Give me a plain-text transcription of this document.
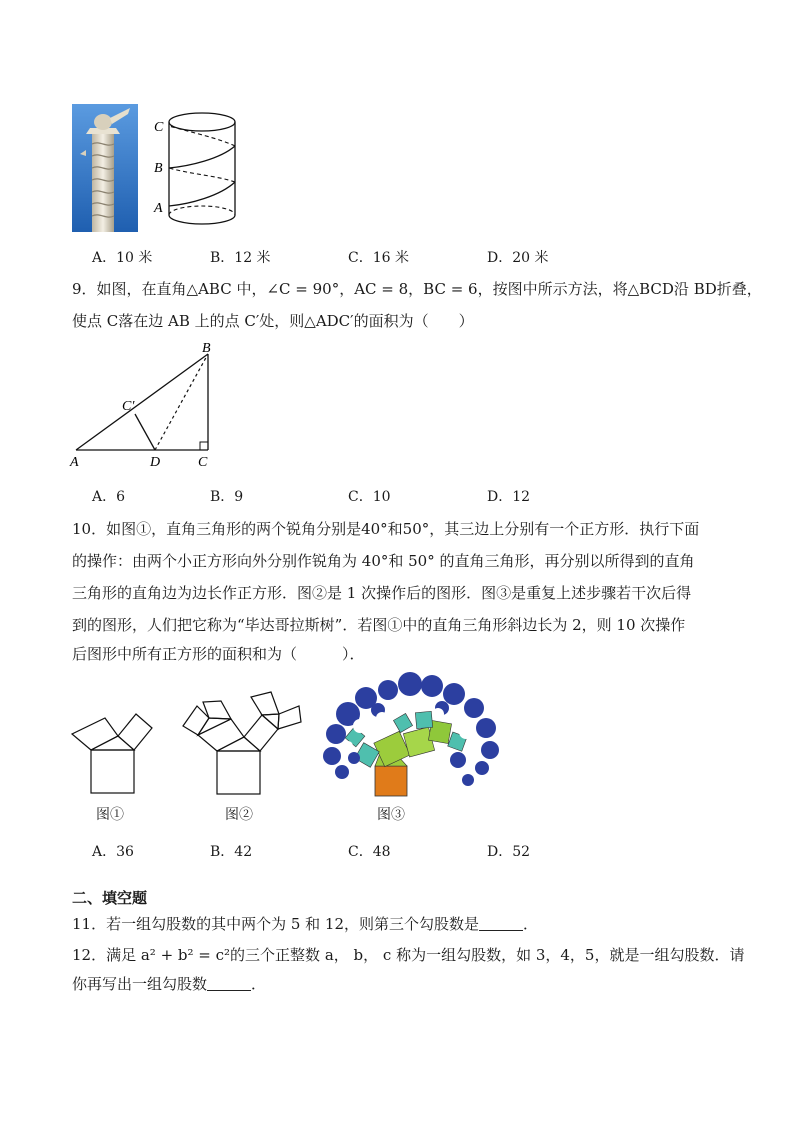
C
B
A
A．10 米	B．12 米	C．16 米	D．20 米
9．如图，在直角△ABC 中，∠C = 90°，AC = 8，BC = 6，按图中所示方法，将△BCD沿 BD折叠，
使点 C落在边 AB 上的点 C′处，则△ADC′的面积为（　　）
A
B
C
D
C′
A．6	B．9	C．10	D．12
10．如图①，直角三角形的两个锐角分别是40°和50°，其三边上分别有一个正方形．执行下面
的操作：由两个小正方形向外分别作锐角为 40°和 50° 的直角三角形，再分别以所得到的直角
三角形的直角边为边长作正方形．图②是 1 次操作后的图形．图③是重复上述步骤若干次后得
到的图形，人们把它称为“毕达哥拉斯树”．若图①中的直角三角形斜边长为 2，则 10 次操作
后图形中所有正方形的面积和为（　　　）．
图①	图②	图③
A．36	B．42	C．48	D．52
二、填空题
11．若一组勾股数的其中两个为 5 和 12，则第三个勾股数是	．
12．满足 a² + b² = c²的三个正整数 a， b， c 称为一组勾股数，如 3，4，5，就是一组勾股数．请
你再写出一组勾股数	．
